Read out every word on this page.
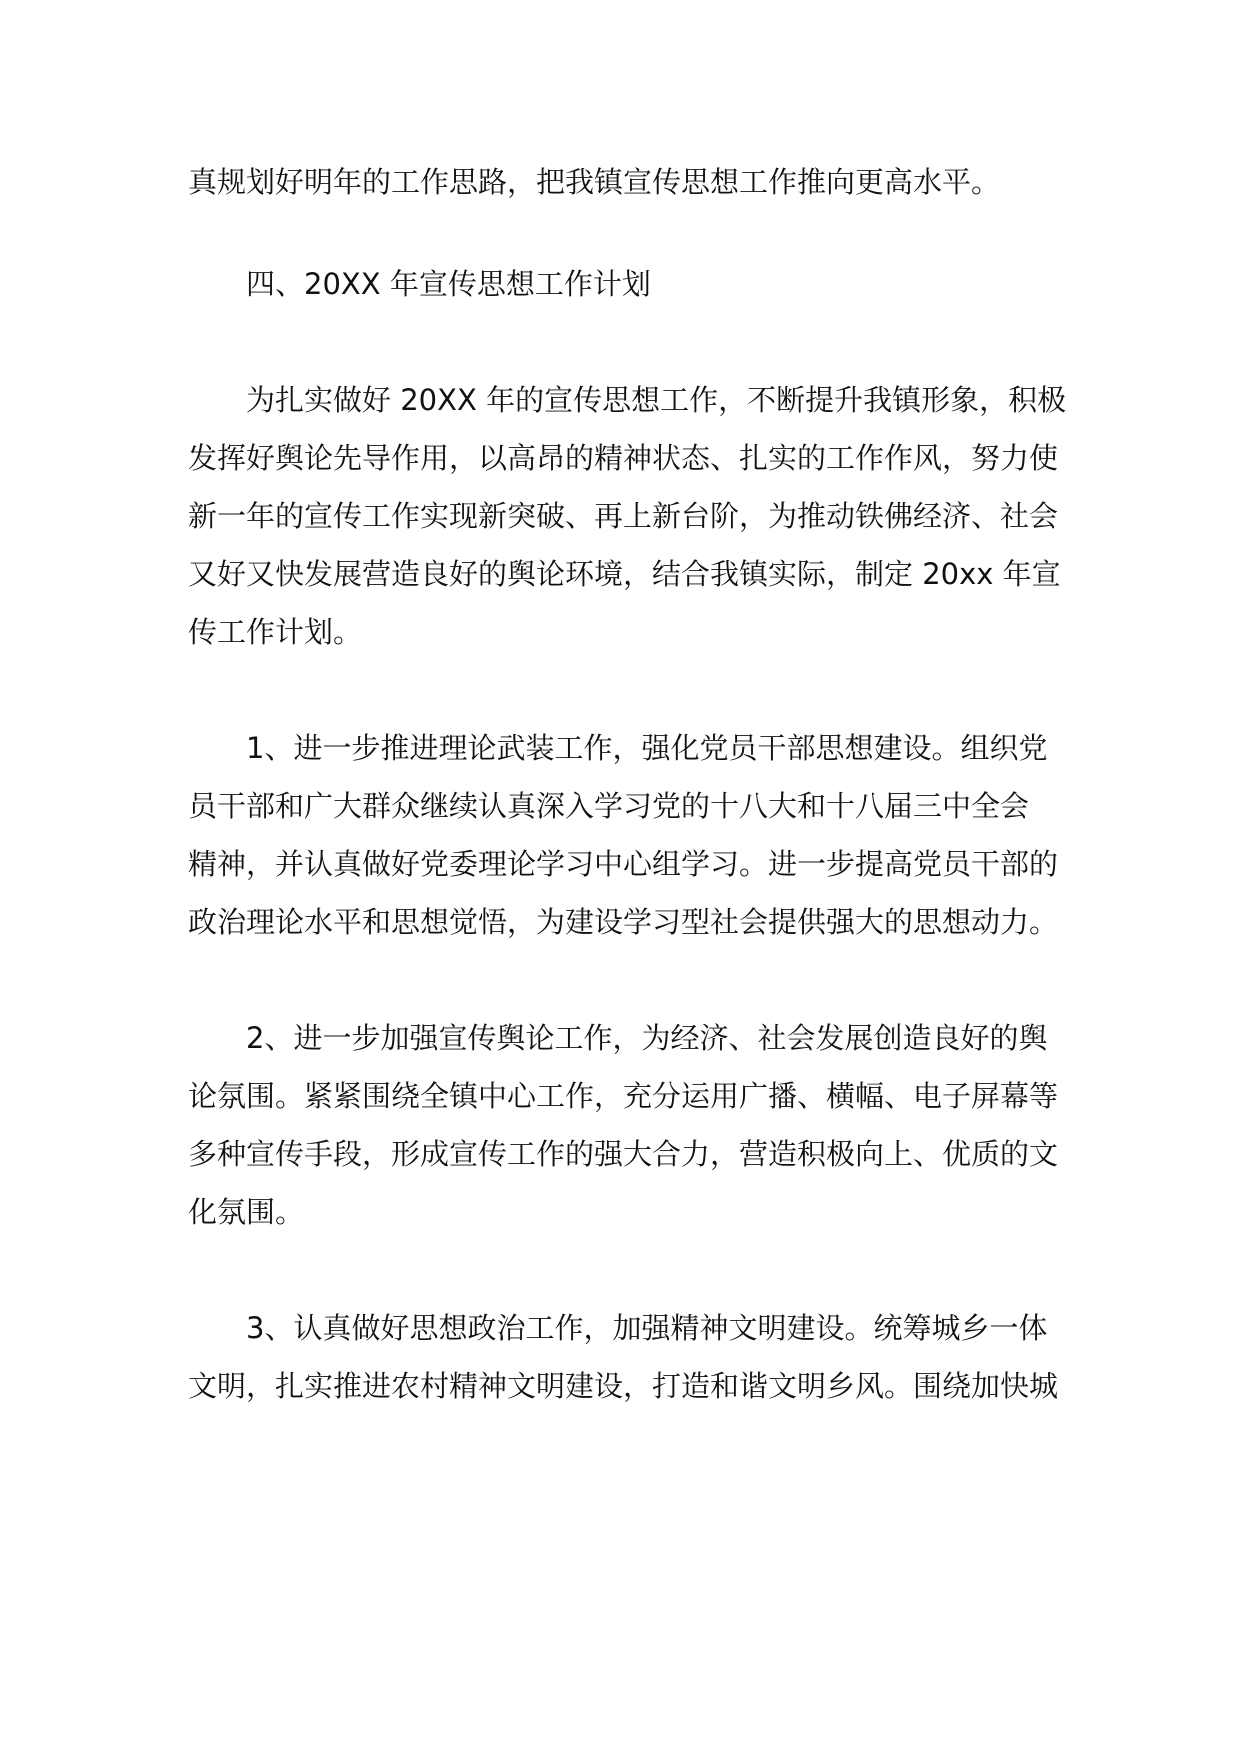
真规划好明年的工作思路，把我镇宣传思想工作推向更高水平。
四、20XX 年宣传思想工作计划
为扎实做好 20XX 年的宣传思想工作，不断提升我镇形象，积极
发挥好舆论先导作用，以高昂的精神状态、扎实的工作作风，努力使
新一年的宣传工作实现新突破、再上新台阶，为推动铁佛经济、社会
又好又快发展营造良好的舆论环境，结合我镇实际，制定 20xx 年宣
传工作计划。
1、进一步推进理论武装工作，强化党员干部思想建设。组织党
员干部和广大群众继续认真深入学习党的十八大和十八届三中全会
精神，并认真做好党委理论学习中心组学习。进一步提高党员干部的
政治理论水平和思想觉悟，为建设学习型社会提供强大的思想动力。
2、进一步加强宣传舆论工作，为经济、社会发展创造良好的舆
论氛围。紧紧围绕全镇中心工作，充分运用广播、横幅、电子屏幕等
多种宣传手段，形成宣传工作的强大合力，营造积极向上、优质的文
化氛围。
3、认真做好思想政治工作，加强精神文明建设。统筹城乡一体
文明，扎实推进农村精神文明建设，打造和谐文明乡风。围绕加快城
